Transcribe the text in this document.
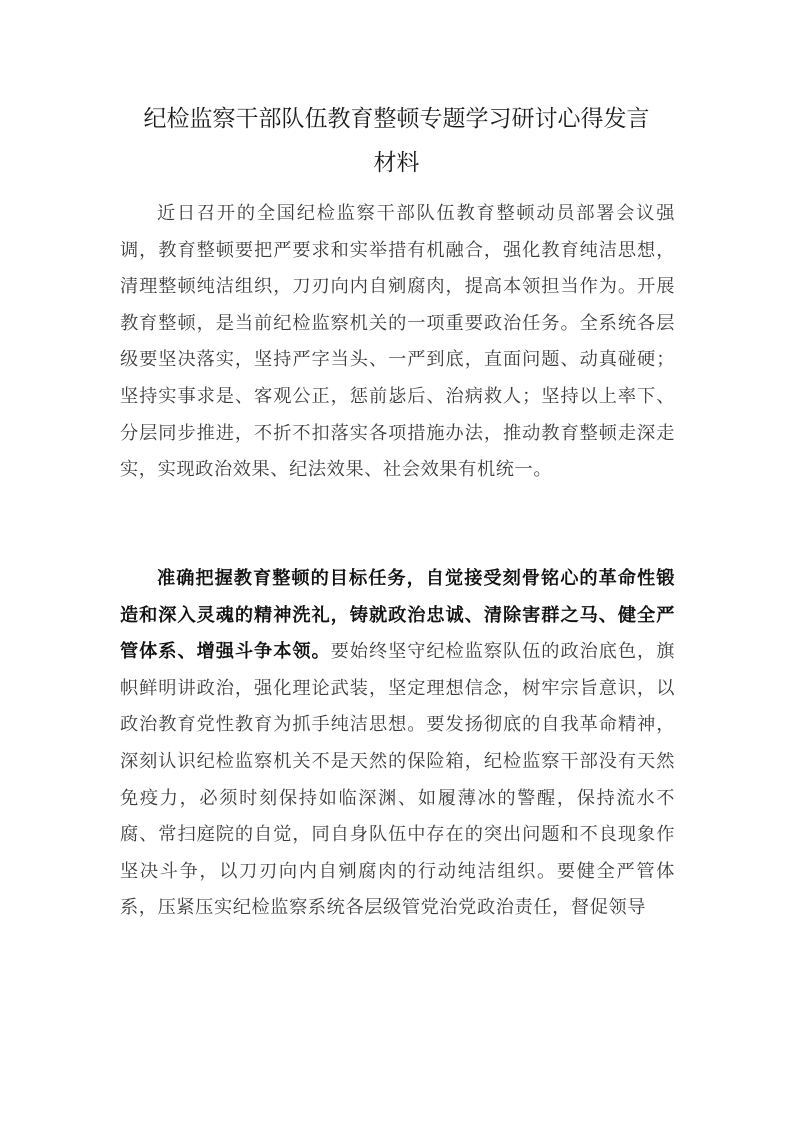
纪检监察干部队伍教育整顿专题学习研讨心得发言
材料

近日召开的全国纪检监察干部队伍教育整顿动员部署会议强调，教育整顿要把严要求和实举措有机融合，强化教育纯洁思想，清理整顿纯洁组织，刀刃向内自剜腐肉，提高本领担当作为。开展教育整顿，是当前纪检监察机关的一项重要政治任务。全系统各层级要坚决落实，坚持严字当头、一严到底，直面问题、动真碰硬；坚持实事求是、客观公正，惩前毖后、治病救人；坚持以上率下、分层同步推进，不折不扣落实各项措施办法，推动教育整顿走深走实，实现政治效果、纪法效果、社会效果有机统一。

准确把握教育整顿的目标任务，自觉接受刻骨铭心的革命性锻造和深入灵魂的精神洗礼，铸就政治忠诚、清除害群之马、健全严管体系、增强斗争本领。要始终坚守纪检监察队伍的政治底色，旗帜鲜明讲政治，强化理论武装，坚定理想信念，树牢宗旨意识，以政治教育党性教育为抓手纯洁思想。要发扬彻底的自我革命精神，深刻认识纪检监察机关不是天然的保险箱，纪检监察干部没有天然免疫力，必须时刻保持如临深渊、如履薄冰的警醒，保持流水不腐、常扫庭院的自觉，同自身队伍中存在的突出问题和不良现象作坚决斗争，以刀刃向内自剜腐肉的行动纯洁组织。要健全严管体系，压紧压实纪检监察系统各层级管党治党政治责任，督促领导
